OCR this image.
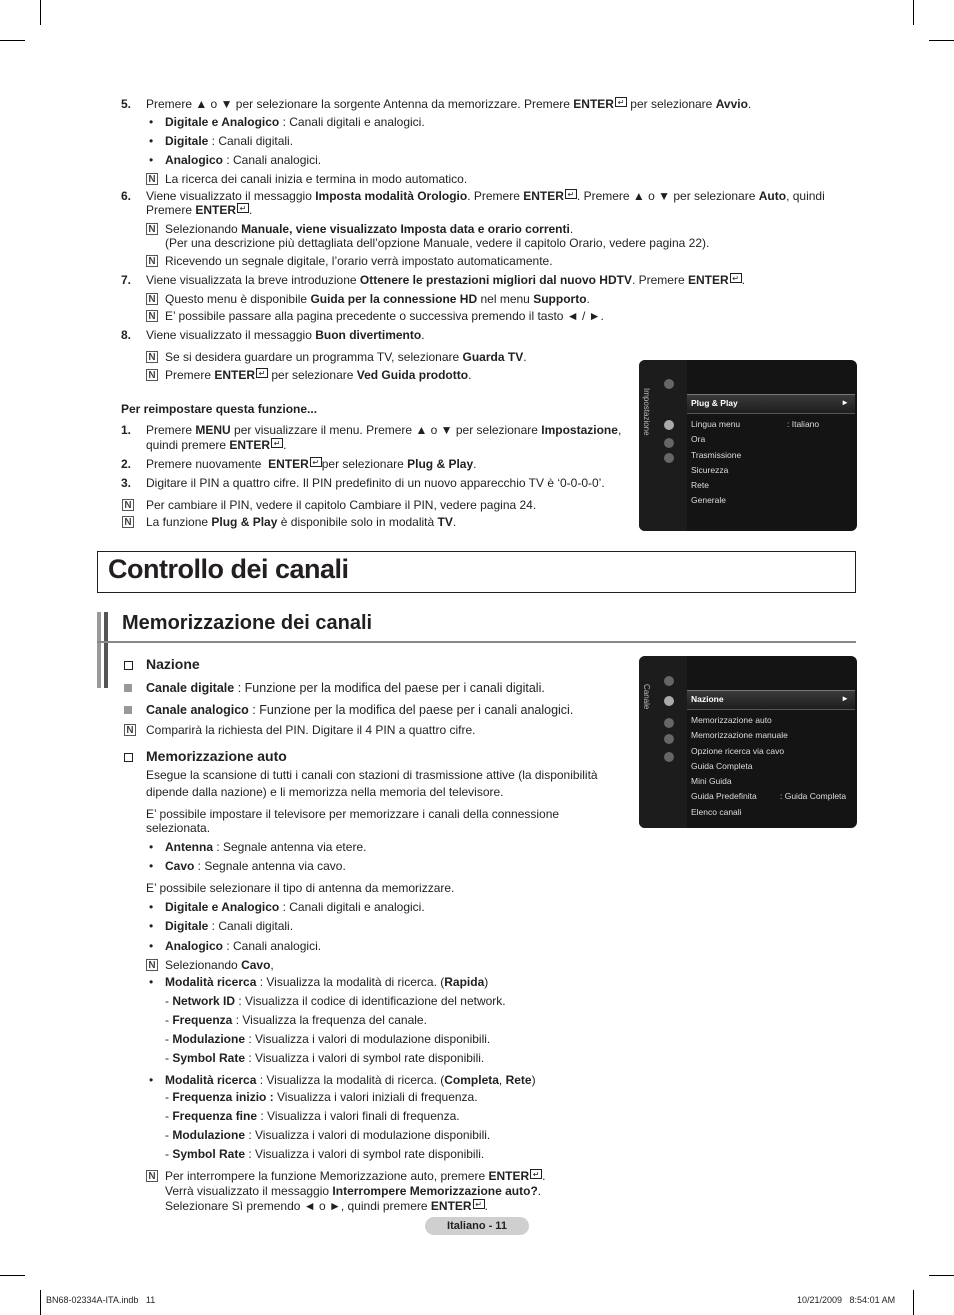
5. Premere ▲ o ▼ per selezionare la sorgente Antenna da memorizzare. Premere ENTER ↵ per selezionare Avvio.
• Digitale e Analogico : Canali digitali e analogici.
• Digitale : Canali digitali.
• Analogico : Canali analogici.
N La ricerca dei canali inizia e termina in modo automatico.
6. Viene visualizzato il messaggio Imposta modalità Orologio. Premere ENTER ↵ . Premere ▲ o ▼ per selezionare Auto, quindi
Premere ENTER ↵ .
N Selezionando Manuale, viene visualizzato Imposta data e orario correnti.
(Per una descrizione più dettagliata dell’opzione Manuale, vedere il capitolo Orario, vedere pagina 22).
N Ricevendo un segnale digitale, l’orario verrà impostato automaticamente.
7. Viene visualizzata la breve introduzione Ottenere le prestazioni migliori dal nuovo HDTV. Premere ENTER ↵ .
N Questo menu è disponibile Guida per la connessione HD nel menu Supporto.
N E’ possibile passare alla pagina precedente o successiva premendo il tasto ◄ / ►.
8. Viene visualizzato il messaggio Buon divertimento.
N Se si desidera guardare un programma TV, selezionare Guarda TV.
N Premere ENTER ↵ per selezionare Ved Guida prodotto.
Per reimpostare questa funzione...
1. Premere MENU per visualizzare il menu. Premere ▲ o ▼ per selezionare Impostazione,
quindi premere ENTER ↵ .
2. Premere nuovamente  ENTER ↵ per selezionare Plug & Play.
3. Digitare il PIN a quattro cifre. Il PIN predefinito di un nuovo apparecchio TV è ‘0-0-0-0’.
N Per cambiare il PIN, vedere il capitolo Cambiare il PIN, vedere pagina 24.
N La funzione Plug & Play è disponibile solo in modalità TV.
Impostazione	Plug & Play	►
Lingua menu	: Italiano
Ora
Trasmissione
Sicurezza
Rete
Generale
Controllo dei canali
Memorizzazione dei canali
Nazione
Canale digitale : Funzione per la modifica del paese per i canali digitali.
Canale analogico : Funzione per la modifica del paese per i canali analogici.
N Comparirà la richiesta del PIN. Digitare il 4 PIN a quattro cifre.
Canale	Nazione	►
Memorizzazione auto
Memorizzazione manuale
Opzione ricerca via cavo
Guida Completa
Mini Guida
Guida Predefinita	: Guida Completa
Elenco canali
Memorizzazione auto
Esegue la scansione di tutti i canali con stazioni di trasmissione attive (la disponibilità
dipende dalla nazione) e li memorizza nella memoria del televisore.
E’ possibile impostare il televisore per memorizzare i canali della connessione
selezionata.
• Antenna : Segnale antenna via etere.
• Cavo : Segnale antenna via cavo.
E’ possibile selezionare il tipo di antenna da memorizzare.
• Digitale e Analogico : Canali digitali e analogici.
• Digitale : Canali digitali.
• Analogico : Canali analogici.
N Selezionando Cavo,
• Modalità ricerca : Visualizza la modalità di ricerca. (Rapida)
- Network ID : Visualizza il codice di identificazione del network.
- Frequenza : Visualizza la frequenza del canale.
- Modulazione : Visualizza i valori di modulazione disponibili.
- Symbol Rate : Visualizza i valori di symbol rate disponibili.
• Modalità ricerca : Visualizza la modalità di ricerca. (Completa, Rete)
- Frequenza inizio : Visualizza i valori iniziali di frequenza.
- Frequenza fine : Visualizza i valori finali di frequenza.
- Modulazione : Visualizza i valori di modulazione disponibili.
- Symbol Rate : Visualizza i valori di symbol rate disponibili.
N Per interrompere la funzione Memorizzazione auto, premere ENTER ↵ .
Verrà visualizzato il messaggio Interrompere Memorizzazione auto?.
Selezionare Sì premendo ◄ o ►, quindi premere ENTER ↵ .
Italiano - 11
BN68-02334A-ITA.indb   11	10/21/2009   8:54:01 AM
